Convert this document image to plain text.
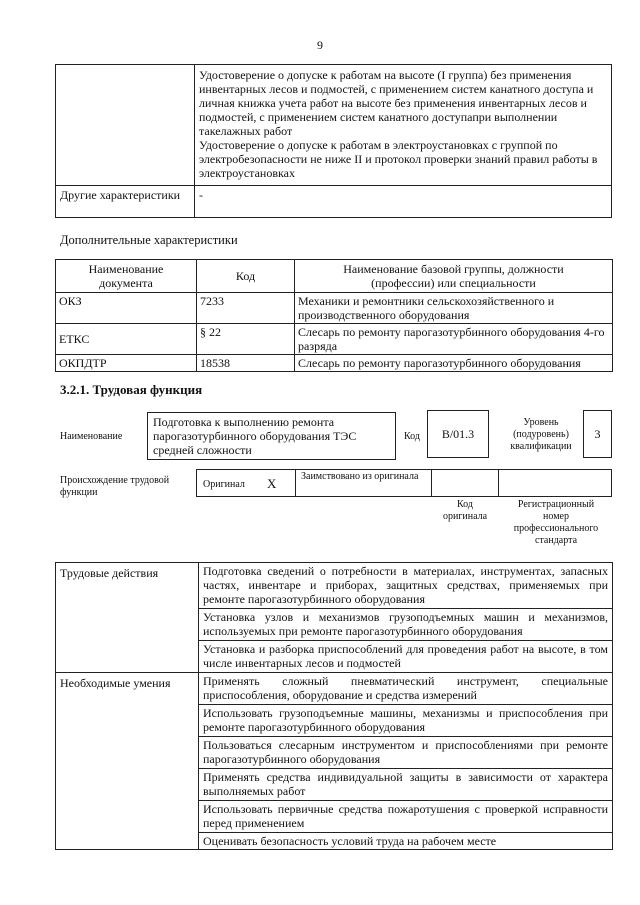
9
	Удостоверение о допуске к работам на высоте (I группа) без применения инвентарных лесов и подмостей, с применением систем канатного доступа и личная книжка учета работ на высоте без применения инвентарных лесов и подмостей, с применением систем канатного доступапри выполнении такелажных работ
Удостоверение о допуске к работам в электроустановках с группой по электробезопасности не ниже II и протокол проверки знаний правил работы в электроустановках
Другие характеристики	-
Дополнительные характеристики
Наименование документа	Код	Наименование базовой группы, должности (профессии) или специальности
ОКЗ	7233	Механики и ремонтники сельскохозяйственного и производственного оборудования
ЕТКС	§ 22	Слесарь по ремонту парогазотурбинного оборудования 4-го разряда
ОКПДТР	18538	Слесарь по ремонту парогазотурбинного оборудования
3.2.1. Трудовая функция
Наименование
Подготовка к выполнению ремонта парогазотурбинного оборудования ТЭС средней сложности
Код В/01.3
Уровень (подуровень) квалификации
3
Происхождение трудовой функции
Оригинал Х Заимствовано из оригинала
Код оригинала
Регистрационный номер профессионального стандарта
Трудовые действия	Подготовка сведений о потребности в материалах, инструментах, запасных частях, инвентаре и приборах, защитных средствах, применяемых при ремонте парогазотурбинного оборудования
	Установка узлов и механизмов грузоподъемных машин и механизмов, используемых при ремонте парогазотурбинного оборудования
	Установка и разборка приспособлений для проведения работ на высоте, в том числе инвентарных лесов и подмостей
Необходимые умения	Применять сложный пневматический инструмент, специальные приспособления, оборудование и средства измерений
	Использовать грузоподъемные машины, механизмы и приспособления при ремонте парогазотурбинного оборудования
	Пользоваться слесарным инструментом и приспособлениями при ремонте парогазотурбинного оборудования
	Применять средства индивидуальной защиты в зависимости от характера выполняемых работ
	Использовать первичные средства пожаротушения с проверкой исправности перед применением
	Оценивать безопасность условий труда на рабочем месте
